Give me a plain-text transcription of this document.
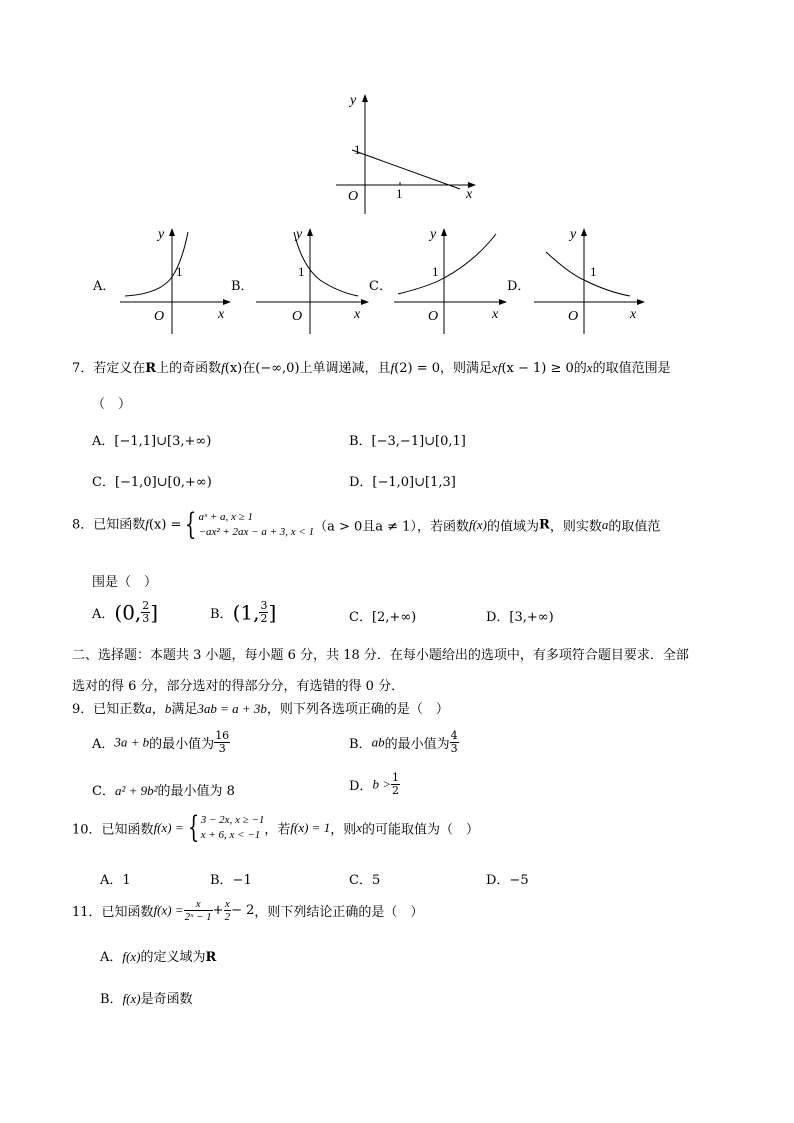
y
x
O
1
1
A．
y
x
O
1
B．
y
x
O
1
C．
y
x
O
1
D．
y
x
O
1
7．若定义在R上的奇函数f(x)在(−∞,0)上单调递减，且f(2) = 0，则满足xf(x − 1) ≥ 0的x的取值范围是
（　）
A．[−1,1]∪[3,+∞)	B．[−3,−1]∪[0,1]
C．[−1,0]∪[0,+∞)	D．[−1,0]∪[1,3]
8．已知函数f(x) = { aˣ + a, x ≥ 1
−ax² + 2ax − a + 3, x < 1 （a > 0且a ≠ 1），若函数f(x)的值域为R，则实数a的取值范
围是（　）
A．(0, $\frac{2}{3}$ ]	B．(1, $\frac{3}{2}$ ]	C．[2,+∞)	D．[3,+∞)
二、选择题：本题共 3 小题，每小题 6 分，共 18 分．在每小题给出的选项中，有多项符合题目要求．全部
选对的得 6 分，部分选对的得部分分，有选错的得 0 分．
9．已知正数a，b满足3ab = a + 3b，则下列各选项正确的是（　）
A．3a + b的最小值为 $\frac{16}{3}$	B．ab的最小值为 $\frac{4}{3}$
C．a² + 9b²的最小值为 8	D．$b > \frac{1}{2}$
10．已知函数f(x) = { 3 − 2x, x ≥ −1
x + 6, x < −1 ，若f(x) = 1，则x的可能取值为（　）
A．1	B．−1	C．5	D．−5
11．已知函数$f(x) = \frac{x}{\text{2ˣ − 1}} + \frac{x}{2} - 2$，则下列结论正确的是（　）
A．f(x)的定义域为R
B．f(x)是奇函数
